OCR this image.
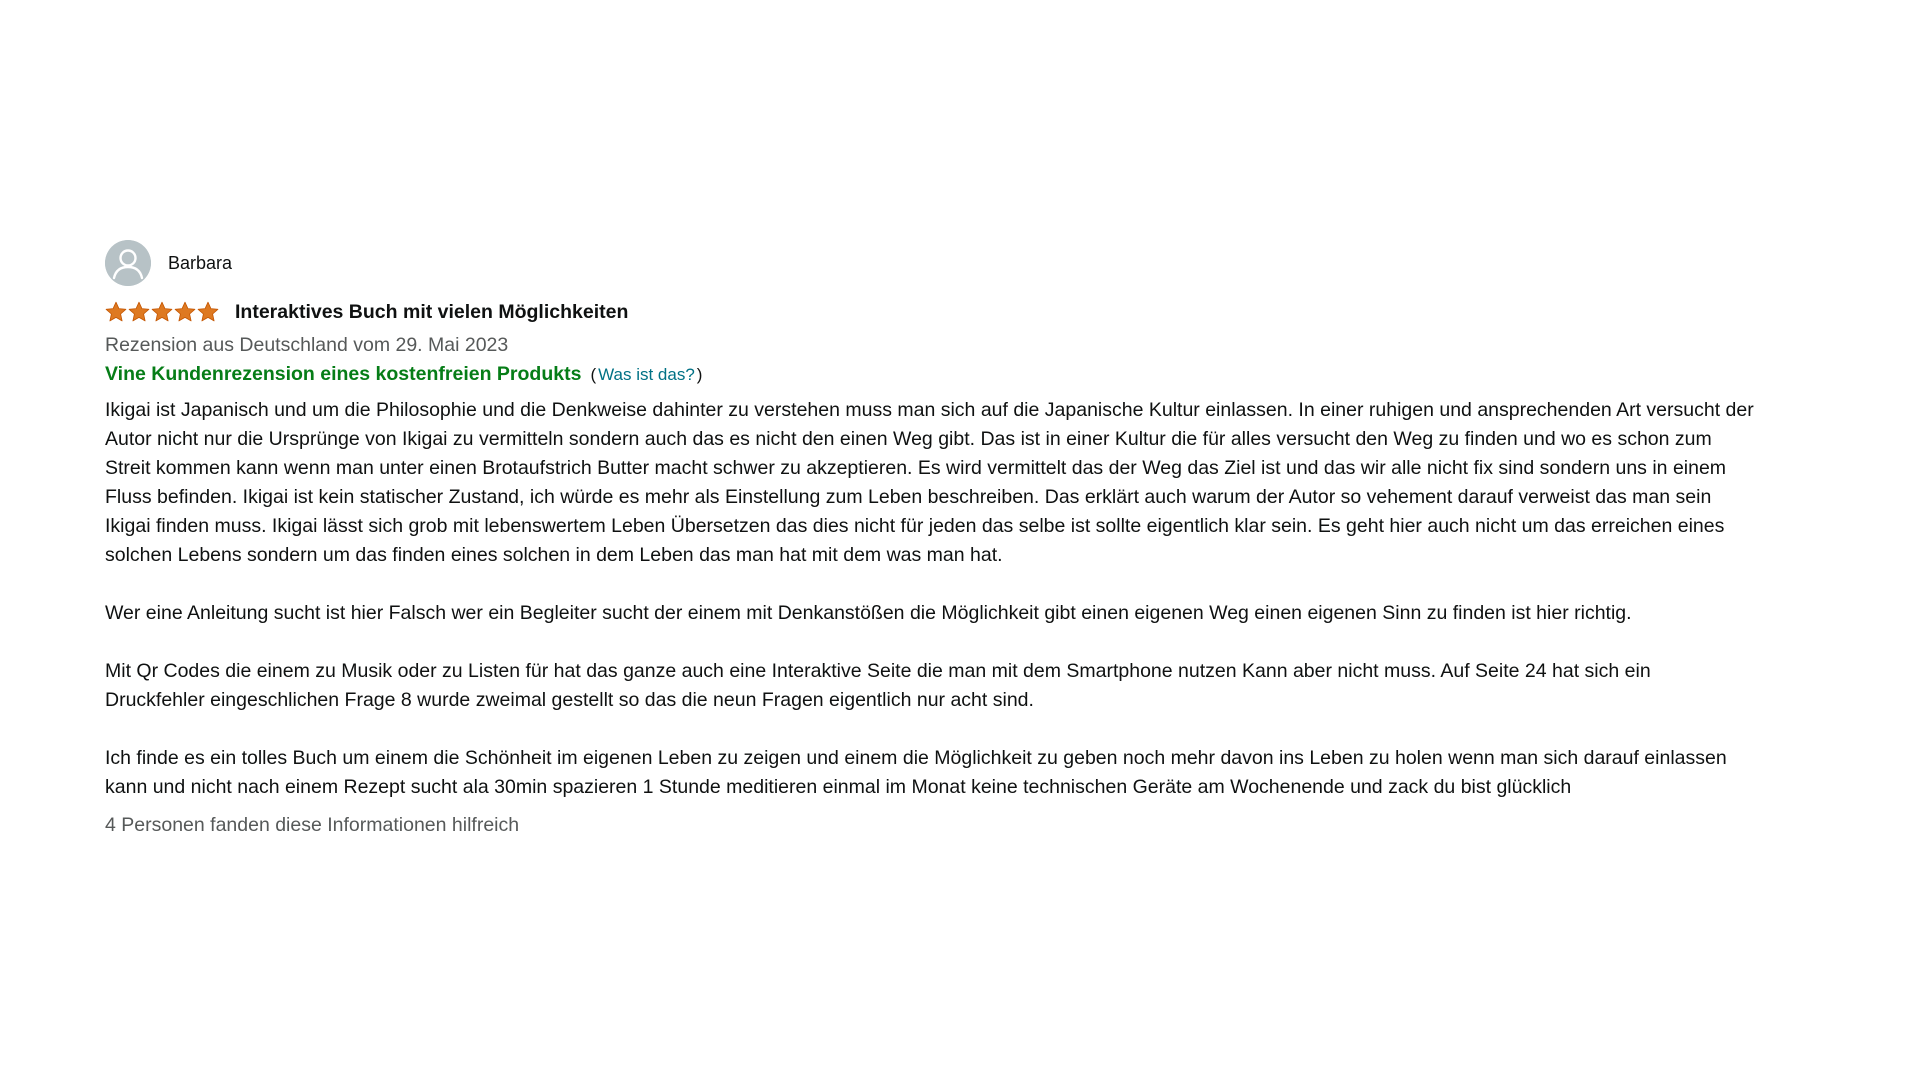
Barbara
Interaktives Buch mit vielen Möglichkeiten
Rezension aus Deutschland vom 29. Mai 2023
Vine Kundenrezension eines kostenfreien Produkts ( Was ist das? )

Ikigai ist Japanisch und um die Philosophie und die Denkweise dahinter zu verstehen muss man sich auf die Japanische Kultur einlassen. In einer ruhigen und ansprechenden Art versucht der Autor nicht nur die Ursprünge von Ikigai zu vermitteln sondern auch das es nicht den einen Weg gibt. Das ist in einer Kultur die für alles versucht den Weg zu finden und wo es schon zum Streit kommen kann wenn man unter einen Brotaufstrich Butter macht schwer zu akzeptieren. Es wird vermittelt das der Weg das Ziel ist und das wir alle nicht fix sind sondern uns in einem Fluss befinden. Ikigai ist kein statischer Zustand, ich würde es mehr als Einstellung zum Leben beschreiben. Das erklärt auch warum der Autor so vehement darauf verweist das man sein Ikigai finden muss. Ikigai lässt sich grob mit lebenswertem Leben Übersetzen das dies nicht für jeden das selbe ist sollte eigentlich klar sein. Es geht hier auch nicht um das erreichen eines solchen Lebens sondern um das finden eines solchen in dem Leben das man hat mit dem was man hat.

Wer eine Anleitung sucht ist hier Falsch wer ein Begleiter sucht der einem mit Denkanstößen die Möglichkeit gibt einen eigenen Weg einen eigenen Sinn zu finden ist hier richtig.

Mit Qr Codes die einem zu Musik oder zu Listen für hat das ganze auch eine Interaktive Seite die man mit dem Smartphone nutzen Kann aber nicht muss. Auf Seite 24 hat sich ein Druckfehler eingeschlichen Frage 8 wurde zweimal gestellt so das die neun Fragen eigentlich nur acht sind.

Ich finde es ein tolles Buch um einem die Schönheit im eigenen Leben zu zeigen und einem die Möglichkeit zu geben noch mehr davon ins Leben zu holen wenn man sich darauf einlassen kann und nicht nach einem Rezept sucht ala 30min spazieren 1 Stunde meditieren einmal im Monat keine technischen Geräte am Wochenende und zack du bist glücklich

4 Personen fanden diese Informationen hilfreich
